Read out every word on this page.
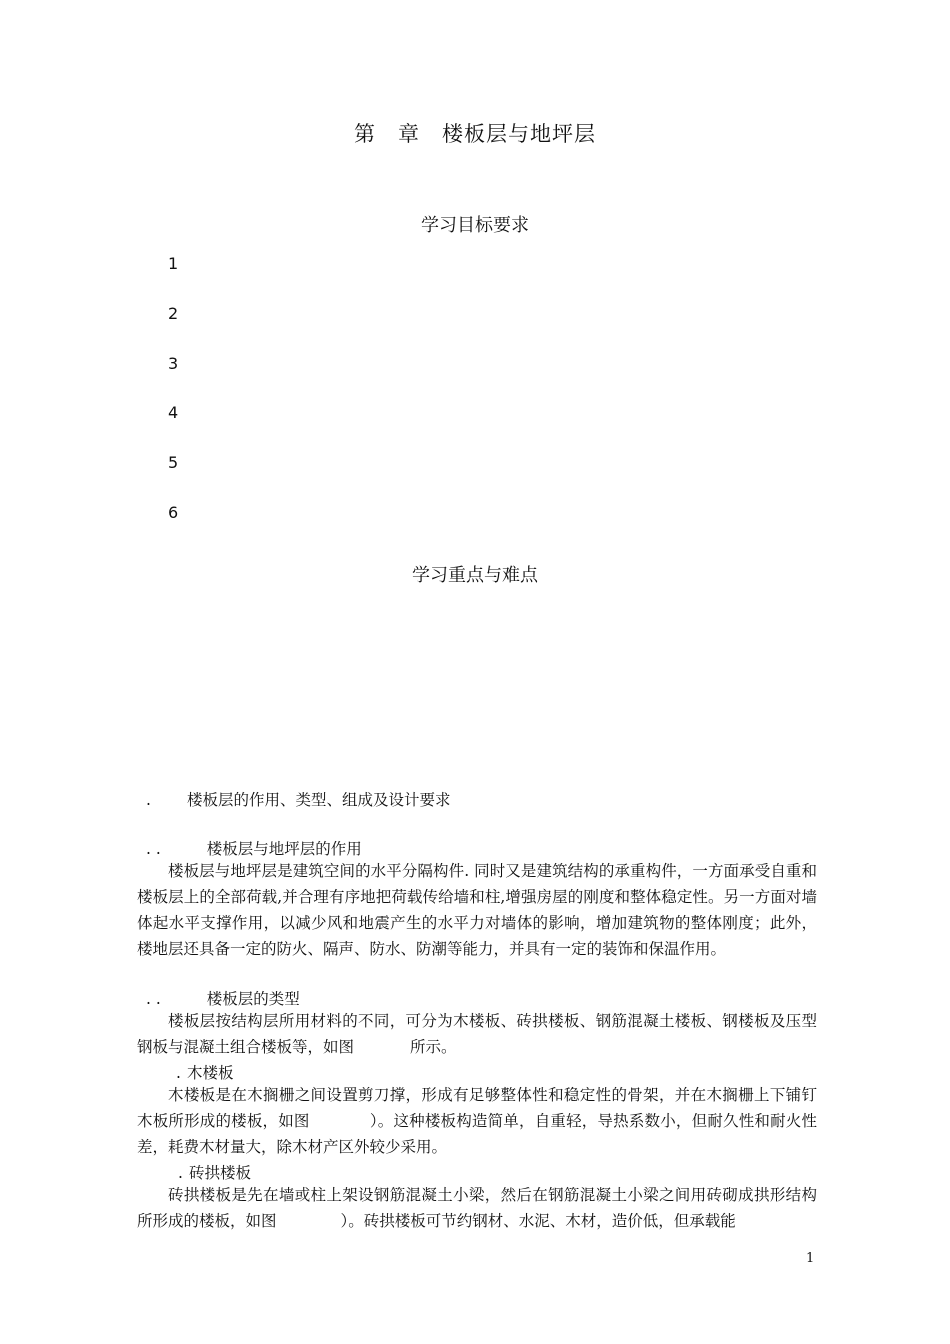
第 章 楼板层与地坪层
学习目标要求
1
2
3
4
5
6
学习重点与难点
. 楼板层的作用、类型、组成及设计要求
. .	楼板层与地坪层的作用
楼板层与地坪层是建筑空间的水平分隔构件. 同时又是建筑结构的承重构件，一方面承受自重和楼板层上的全部荷载,并合理有序地把荷载传给墙和柱,增强房屋的刚度和整体稳定性。另一方面对墙体起水平支撑作用，以减少风和地震产生的水平力对墙体的影响，增加建筑物的整体刚度；此外，楼地层还具备一定的防火、隔声、防水、防潮等能力，并具有一定的装饰和保温作用。
. .	楼板层的类型
楼板层按结构层所用材料的不同，可分为木楼板、砖拱楼板、钢筋混凝土楼板、钢楼板及压型钢板与混凝土组合楼板等，如图	所示。
. 木楼板
木楼板是在木搁栅之间设置剪刀撑，形成有足够整体性和稳定性的骨架，并在木搁栅上下铺钉木板所形成的楼板，如图	）。这种楼板构造简单，自重轻，导热系数小，但耐久性和耐火性差，耗费木材量大，除木材产区外较少采用。
. 砖拱楼板
砖拱楼板是先在墙或柱上架设钢筋混凝土小梁，然后在钢筋混凝土小梁之间用砖砌成拱形结构所形成的楼板，如图	）。砖拱楼板可节约钢材、水泥、木材，造价低，但承载能
1
